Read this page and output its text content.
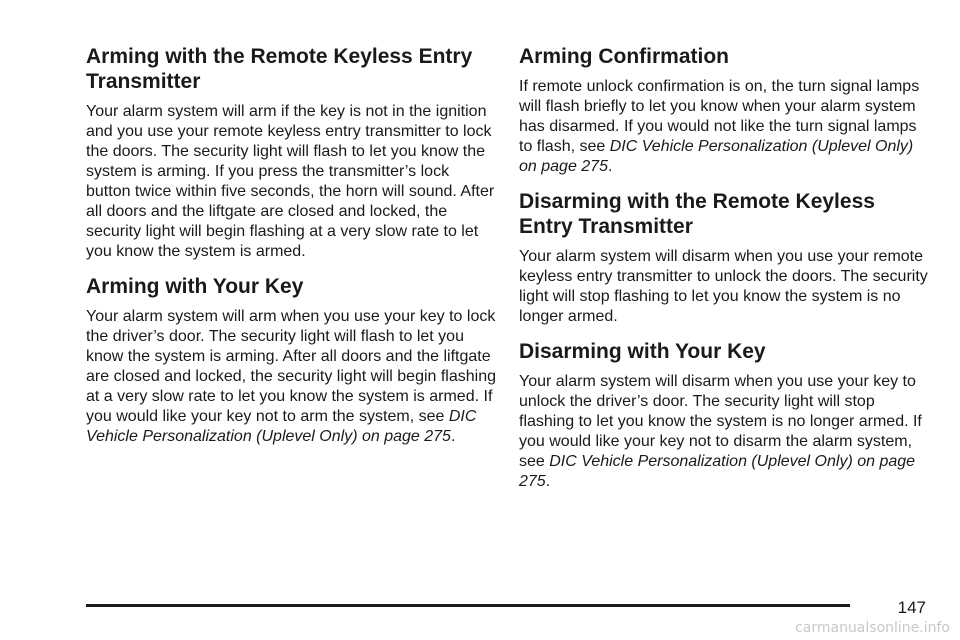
Arming with the Remote Keyless Entry Transmitter

Your alarm system will arm if the key is not in the ignition and you use your remote keyless entry transmitter to lock the doors. The security light will flash to let you know the system is arming. If you press the transmitter’s lock button twice within five seconds, the horn will sound. After all doors and the liftgate are closed and locked, the security light will begin flashing at a very slow rate to let you know the system is armed.

Arming with Your Key

Your alarm system will arm when you use your key to lock the driver’s door. The security light will flash to let you know the system is arming. After all doors and the liftgate are closed and locked, the security light will begin flashing at a very slow rate to let you know the system is armed. If you would like your key not to arm the system, see DIC Vehicle Personalization (Uplevel Only) on page 275.

Arming Confirmation

If remote unlock confirmation is on, the turn signal lamps will flash briefly to let you know when your alarm system has disarmed. If you would not like the turn signal lamps to flash, see DIC Vehicle Personalization (Uplevel Only) on page 275.

Disarming with the Remote Keyless Entry Transmitter

Your alarm system will disarm when you use your remote keyless entry transmitter to unlock the doors. The security light will stop flashing to let you know the system is no longer armed.

Disarming with Your Key

Your alarm system will disarm when you use your key to unlock the driver’s door. The security light will stop flashing to let you know the system is no longer armed. If you would like your key not to disarm the alarm system, see DIC Vehicle Personalization (Uplevel Only) on page 275.

147
carmanualsonline.info
